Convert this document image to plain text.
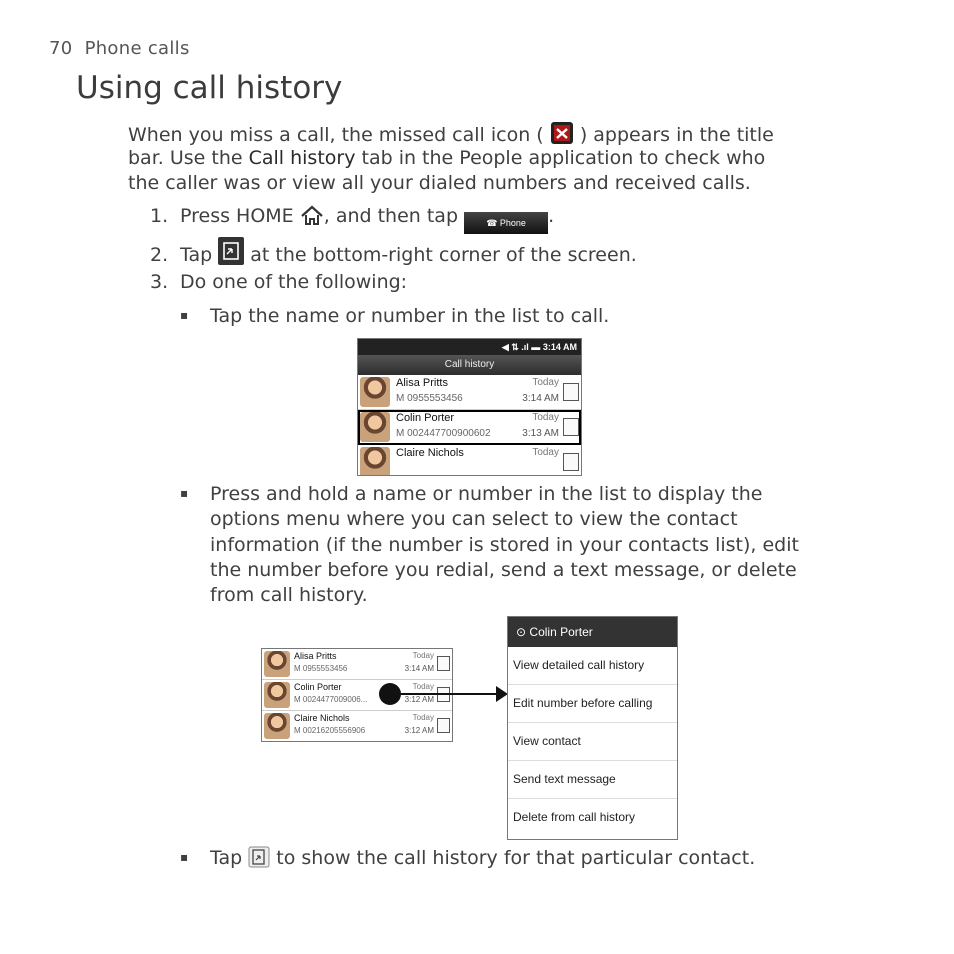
70 Phone calls
Using call history
When you miss a call, the missed call icon ( ) appears in the title
bar. Use the Call history tab in the People application to check who
the caller was or view all your dialed numbers and received calls.
1. Press HOME , and then tap ☎ Phone .
2. Tap  at the bottom-right corner of the screen.
3. Do one of the following:
▪ Tap the name or number in the list to call.
◀ ⇅ .ıl ▬ 3:14 AM
Call history
Alisa Pritts
M 0955553456
Today
3:14 AM
Colin Porter
M 002447700900602
Today
3:13 AM
Claire Nichols	Today
▪ Press and hold a name or number in the list to display the
options menu where you can select to view the contact
information (if the number is stored in your contacts list), edit
the number before you redial, send a text message, or delete
from call history.
Alisa Pritts
M 0955553456
Today
3:14 AM
Colin Porter
M 0024477009006...
Today
3:12 AM
Claire Nichols
M 00216205556906
Today
3:12 AM
⊙ Colin Porter
View detailed call history
Edit number before calling
View contact
Send text message
Delete from call history
▪ Tap  to show the call history for that particular contact.
